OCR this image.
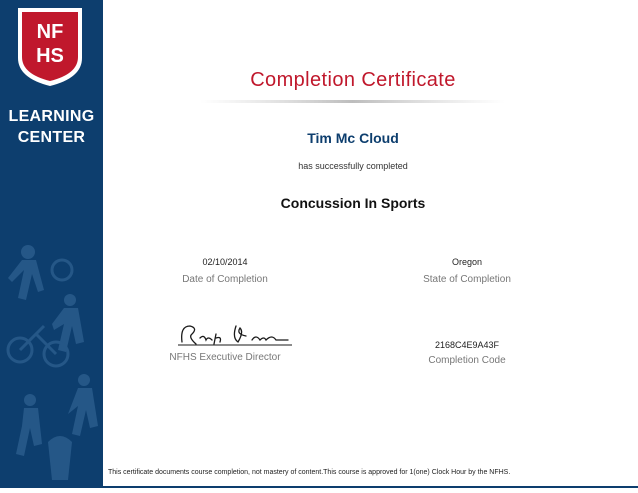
NF
HS
LEARNING
CENTER
Completion Certificate
Tim Mc Cloud
has successfully completed
Concussion In Sports
02/10/2014
Date of Completion
Oregon
State of Completion
NFHS Executive Director
2168C4E9A43F
Completion Code
This certificate documents course completion, not mastery of content.This course is approved for 1(one) Clock Hour by the NFHS.
